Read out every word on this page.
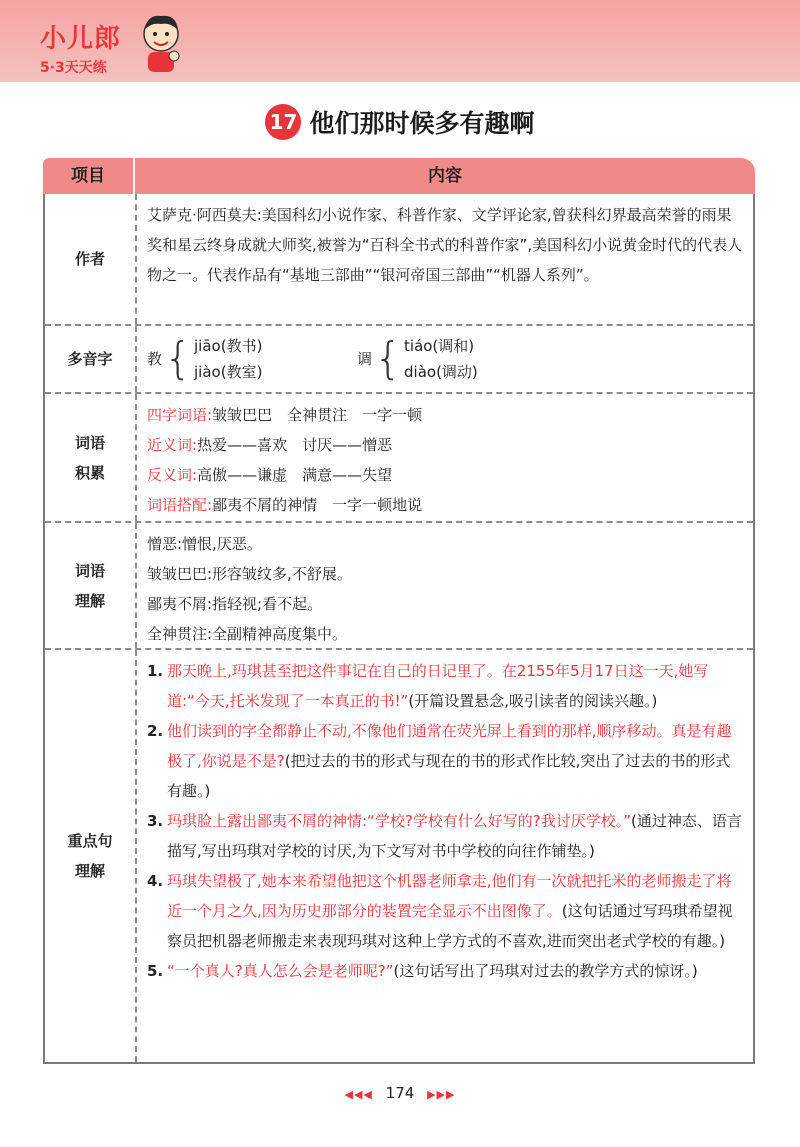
小儿郎
5·3天天练
17 他们那时候多有趣啊
项目	内容
作者
艾萨克·阿西莫夫:美国科幻小说作家、科普作家、文学评论家,曾获科幻界最高荣誉的雨果奖和星云终身成就大师奖,被誉为“百科全书式的科普作家”,美国科幻小说黄金时代的代表人物之一。代表作品有“基地三部曲”“银河帝国三部曲”“机器人系列”。
多音字	教 { jiāo(教书)
jiào(教室)
调 { tiáo(调和)
diào(调动)
词语
积累
四字词语:皱皱巴巴　全神贯注　一字一顿
近义词:热爱——喜欢　讨厌——憎恶
反义词:高傲——谦虚　满意——失望
词语搭配:鄙夷不屑的神情　一字一顿地说
词语
理解
憎恶:憎恨,厌恶。
皱皱巴巴:形容皱纹多,不舒展。
鄙夷不屑:指轻视;看不起。
全神贯注:全副精神高度集中。
重点句
理解
1. 那天晚上,玛琪甚至把这件事记在自己的日记里了。在2155年5月17日这一天,她写道:“今天,托米发现了一本真正的书!”(开篇设置悬念,吸引读者的阅读兴趣。)
2. 他们读到的字全都静止不动,不像他们通常在荧光屏上看到的那样,顺序移动。真是有趣极了,你说是不是?(把过去的书的形式与现在的书的形式作比较,突出了过去的书的形式有趣。)
3. 玛琪脸上露出鄙夷不屑的神情:“学校?学校有什么好写的?我讨厌学校。”(通过神态、语言描写,写出玛琪对学校的讨厌,为下文写对书中学校的向往作铺垫。)
4. 玛琪失望极了,她本来希望他把这个机器老师拿走,他们有一次就把托米的老师搬走了将近一个月之久,因为历史那部分的装置完全显示不出图像了。(这句话通过写玛琪希望视察员把机器老师搬走来表现玛琪对这种上学方式的不喜欢,进而突出老式学校的有趣。)
5. “一个真人?真人怎么会是老师呢?”(这句话写出了玛琪对过去的教学方式的惊讶。)
◀◀◀ 174 ▶▶▶
